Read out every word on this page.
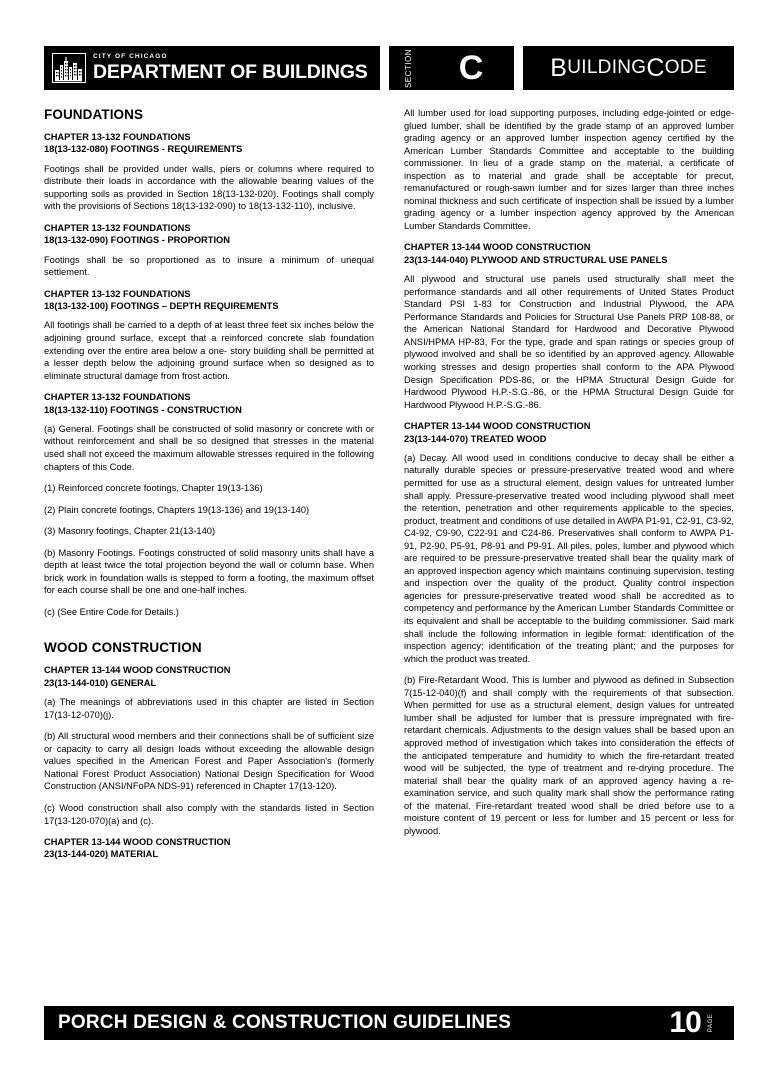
CITY OF CHICAGO
DEPARTMENT OF BUILDINGS	SECTION	C	B UILDING C ODE
FOUNDATIONS
CHAPTER 13-132 FOUNDATIONS
18(13-132-080) FOOTINGS - REQUIREMENTS

Footings shall be provided under walls, piers or columns where required to distribute their loads in accordance with the allowable bearing values of the supporting soils as provided in Section 18(13-132-020). Footings shall comply with the provisions of Sections 18(13-132-090) to 18(13-132-110), inclusive.

CHAPTER 13-132 FOUNDATIONS
18(13-132-090) FOOTINGS - PROPORTION

Footings shall be so proportioned as to insure a minimum of unequal settlement.

CHAPTER 13-132 FOUNDATIONS
18(13-132-100) FOOTINGS – DEPTH REQUIREMENTS

All footings shall be carried to a depth of at least three feet six inches below the adjoining ground surface, except that a reinforced concrete slab foundation extending over the entire area below a one- story building shall be permitted at a lesser depth below the adjoining ground surface when so designed as to eliminate structural damage from frost action.

CHAPTER 13-132 FOUNDATIONS
18(13-132-110) FOOTINGS - CONSTRUCTION

(a) General. Footings shall be constructed of solid masonry or concrete with or without reinforcement and shall be so designed that stresses in the material used shall not exceed the maximum allowable stresses required in the following chapters of this Code.

(1) Reinforced concrete footings, Chapter 19(13-136)

(2) Plain concrete footings, Chapters 19(13-136) and 19(13-140)

(3) Masonry footings, Chapter 21(13-140)

(b) Masonry Footings. Footings constructed of solid masonry units shall have a depth at least twice the total projection beyond the wall or column base. When brick work in foundation walls is stepped to form a footing, the maximum offset for each course shall be one and one-half inches.

(c) (See Entire Code for Details.)

WOOD CONSTRUCTION
CHAPTER 13-144 WOOD CONSTRUCTION
23(13-144-010) GENERAL

(a) The meanings of abbreviations used in this chapter are listed in Section 17(13-12-070)(j).

(b) All structural wood members and their connections shall be of sufficient size or capacity to carry all design loads without exceeding the allowable design values specified in the American Forest and Paper Association's (formerly National Forest Product Association) National Design Specification for Wood Construction (ANSI/NFoPA NDS-91) referenced in Chapter 17(13-120).

(c) Wood construction shall also comply with the standards listed in Section 17(13-120-070)(a) and (c).

CHAPTER 13-144 WOOD CONSTRUCTION
23(13-144-020) MATERIAL

All lumber used for load supporting purposes, including edge-jointed or edge-glued lumber, shall be identified by the grade stamp of an approved lumber grading agency or an approved lumber inspection agency certified by the American Lumber Standards Committee and acceptable to the building commissioner. In lieu of a grade stamp on the material, a certificate of inspection as to material and grade shall be acceptable for precut, remanufactured or rough-sawn lumber and for sizes larger than three inches nominal thickness and such certificate of inspection shall be issued by a lumber grading agency or a lumber inspection agency approved by the American Lumber Standards Committee.

CHAPTER 13-144 WOOD CONSTRUCTION
23(13-144-040) PLYWOOD AND STRUCTURAL USE PANELS

All plywood and structural use panels used structurally shall meet the performance standards and all other requirements of United States Product Standard PSI 1-83 for Construction and Industrial Plywood, the APA Performance Standards and Policies for Structural Use Panels PRP 108-88, or the American National Standard for Hardwood and Decorative Plywood ANSI/HPMA HP-83, For the type, grade and span ratings or species group of plywood involved and shall be so identified by an approved agency. Allowable working stresses and design properties shall conform to the APA Plywood Design Specification PDS-86, or the HPMA Structural Design Guide for Hardwood Plywood H.P.-S.G.-86, or the HPMA Structural Design Guide for Hardwood Plywood H.P.-S.G.-86.

CHAPTER 13-144 WOOD CONSTRUCTION
23(13-144-070) TREATED WOOD

(a) Decay. All wood used in conditions conducive to decay shall be either a naturally durable species or pressure-preservative treated wood and where permitted for use as a structural element, design values for untreated lumber shall apply. Pressure-preservative treated wood including plywood shall meet the retention, penetration and other requirements applicable to the species, product, treatment and conditions of use detailed in AWPA P1-91, C2-91, C3-92, C4-92, C9-90, C22-91 and C24-86. Preservatives shall conform to AWPA P1-91, P2-90, P5-91, P8-91 and P9-91. All piles, poles, lumber and plywood which are required to be pressure-preservative treated shall bear the quality mark of an approved inspection agency which maintains continuing supervision, testing and inspection over the quality of the product. Quality control inspection agencies for pressure-preservative treated wood shall be accredited as to competency and performance by the American Lumber Standards Committee or its equivalent and shall be acceptable to the building commissioner. Said mark shall include the following information in legible format: identification of the inspection agency; identification of the treating plant; and the purposes for which the product was treated.

(b) Fire-Retardant Wood. This is lumber and plywood as defined in Subsection 7(15-12-040)(f) and shall comply with the requirements of that subsection. When permitted for use as a structural element, design values for untreated lumber shall be adjusted for lumber that is pressure impregnated with fire-retardant chemicals. Adjustments to the design values shall be based upon an approved method of investigation which takes into consideration the effects of the anticipated temperature and humidity to which the fire-retardant treated wood will be subjected, the type of treatment and re-drying procedure. The material shall bear the quality mark of an approved agency having a re- examination service, and such quality mark shall show the performance rating of the material. Fire-retardant treated wood shall be dried before use to a moisture content of 19 percent or less for lumber and 15 percent or less for plywood.

PORCH DESIGN & CONSTRUCTION GUIDELINES	10 PAGE
